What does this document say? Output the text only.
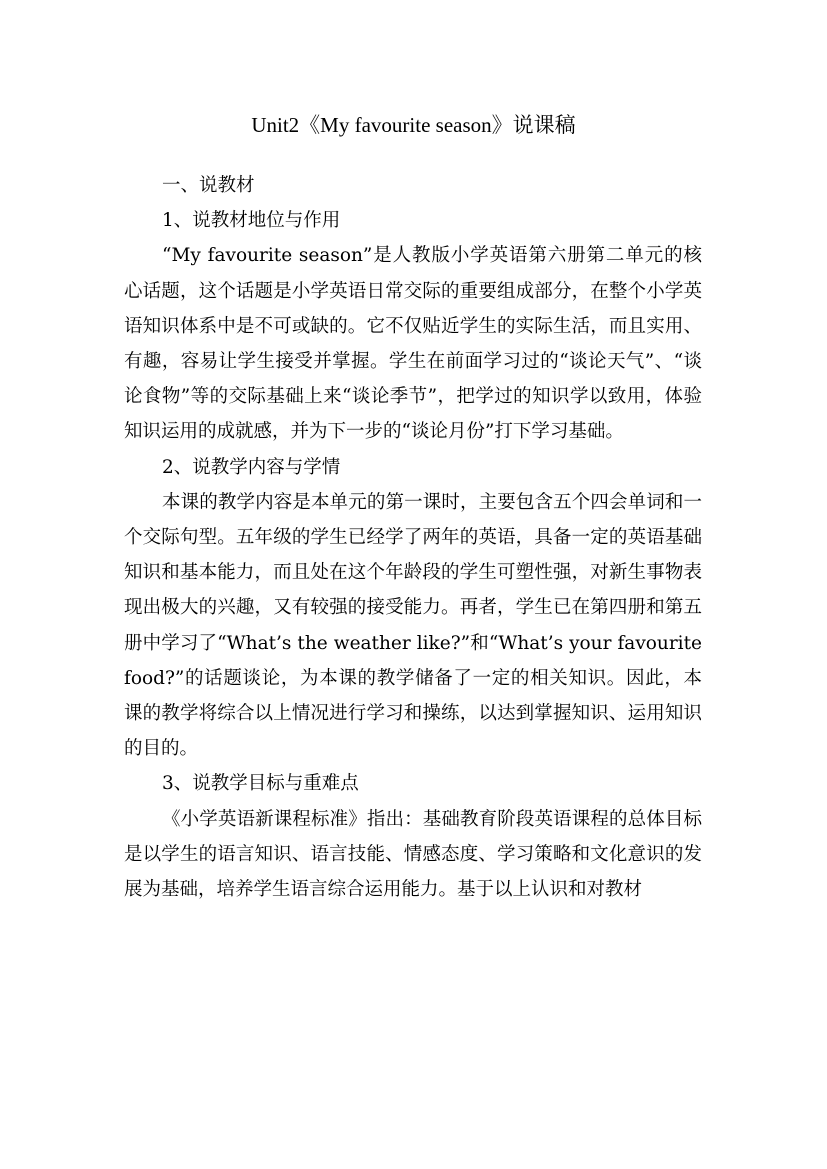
Unit2《My favourite season》说课稿

一、说教材

1、说教材地位与作用

“My favourite season”是人教版小学英语第六册第二单元的核心话题，这个话题是小学英语日常交际的重要组成部分，在整个小学英语知识体系中是不可或缺的。它不仅贴近学生的实际生活，而且实用、有趣，容易让学生接受并掌握。学生在前面学习过的“谈论天气”、“谈论食物”等的交际基础上来“谈论季节”，把学过的知识学以致用，体验知识运用的成就感，并为下一步的“谈论月份”打下学习基础。

2、说教学内容与学情

本课的教学内容是本单元的第一课时，主要包含五个四会单词和一个交际句型。五年级的学生已经学了两年的英语，具备一定的英语基础知识和基本能力，而且处在这个年龄段的学生可塑性强，对新生事物表现出极大的兴趣，又有较强的接受能力。再者，学生已在第四册和第五册中学习了“What’s the weather like?”和“What’s your favourite food?”的话题谈论，为本课的教学储备了一定的相关知识。因此，本课的教学将综合以上情况进行学习和操练，以达到掌握知识、运用知识的目的。

3、说教学目标与重难点

《小学英语新课程标准》指出：基础教育阶段英语课程的总体目标是以学生的语言知识、语言技能、情感态度、学习策略和文化意识的发展为基础，培养学生语言综合运用能力。基于以上认识和对教材
